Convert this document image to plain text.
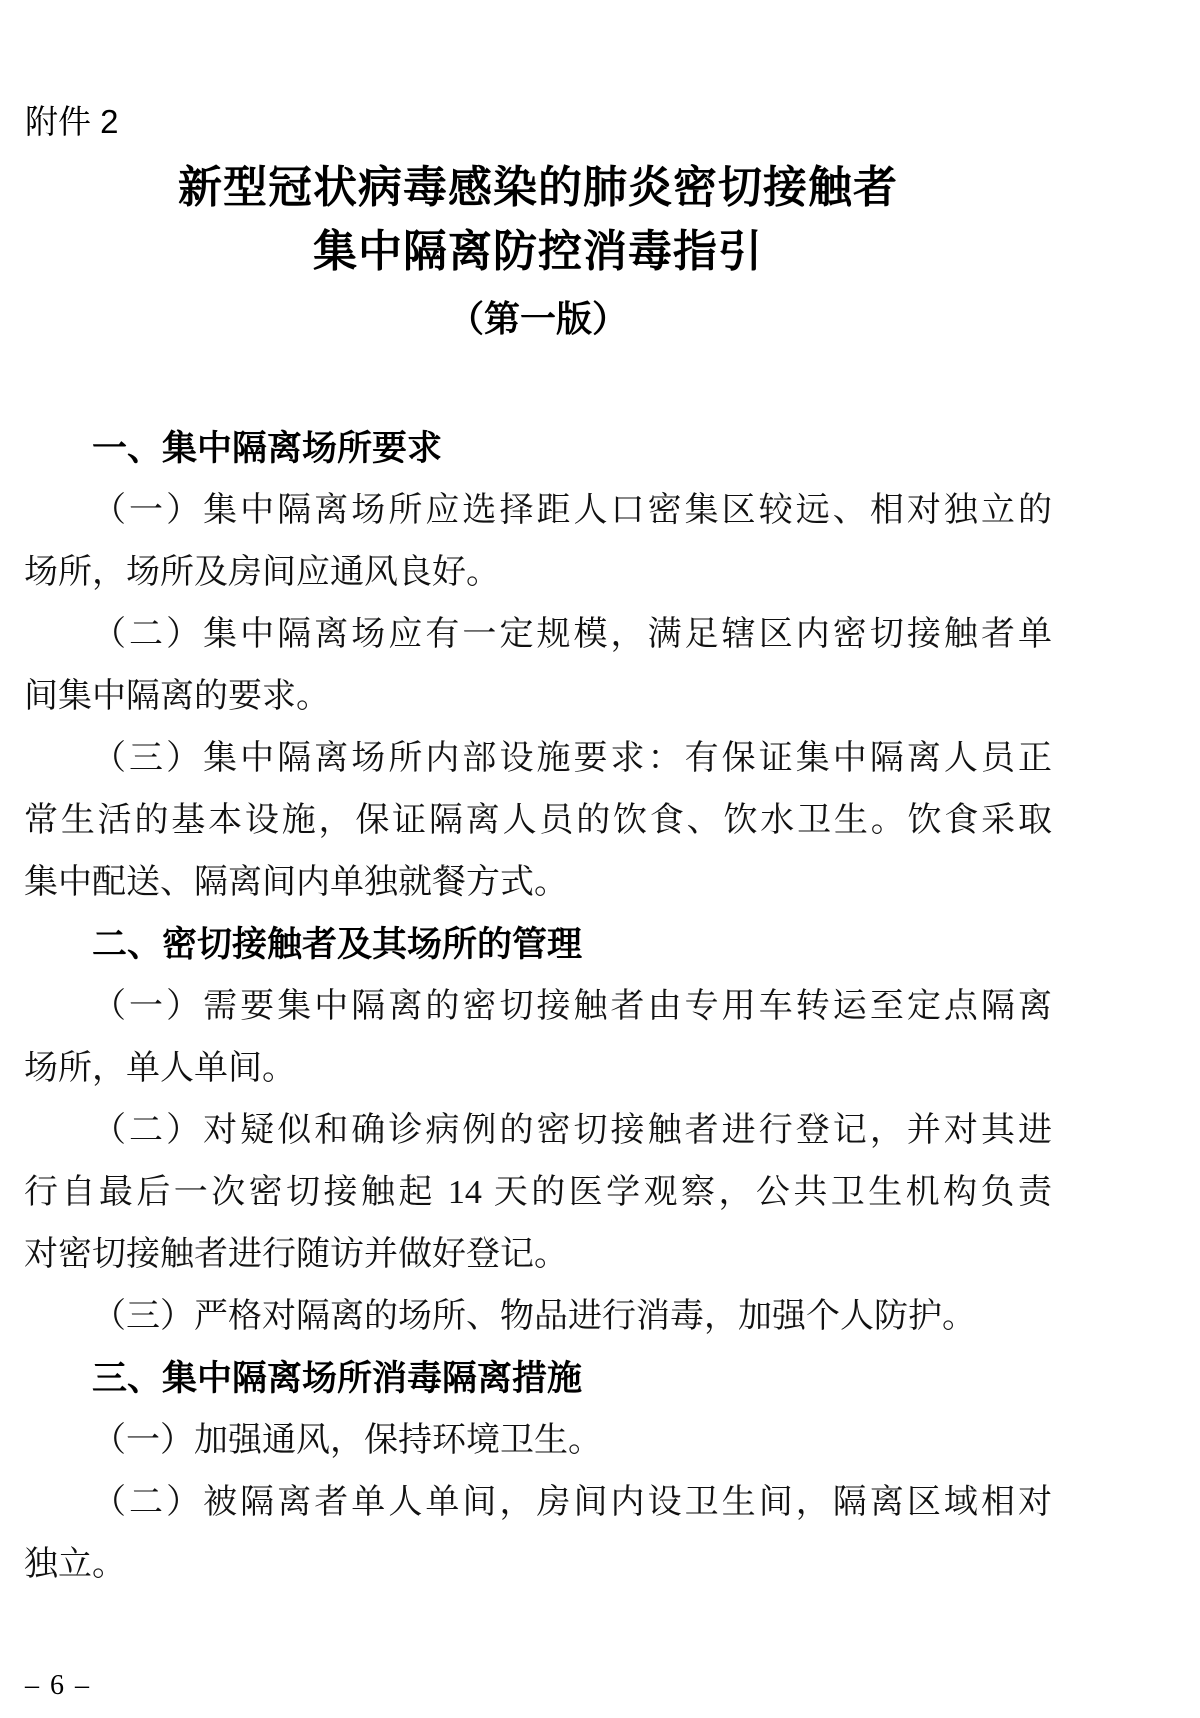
附件 2
新型冠状病毒感染的肺炎密切接触者
集中隔离防控消毒指引
（第一版）
一、集中隔离场所要求
（一）集中隔离场所应选择距人口密集区较远、相对独立的
场所，场所及房间应通风良好。
（二）集中隔离场应有一定规模，满足辖区内密切接触者单
间集中隔离的要求。
（三）集中隔离场所内部设施要求：有保证集中隔离人员正
常生活的基本设施，保证隔离人员的饮食、饮水卫生。饮食采取
集中配送、隔离间内单独就餐方式。
二、密切接触者及其场所的管理
（一）需要集中隔离的密切接触者由专用车转运至定点隔离
场所，单人单间。
（二）对疑似和确诊病例的密切接触者进行登记，并对其进
行自最后一次密切接触起 14 天的医学观察，公共卫生机构负责
对密切接触者进行随访并做好登记。
（三）严格对隔离的场所、物品进行消毒，加强个人防护。
三、集中隔离场所消毒隔离措施
（一）加强通风，保持环境卫生。
（二）被隔离者单人单间，房间内设卫生间，隔离区域相对
独立。
– 6 –
